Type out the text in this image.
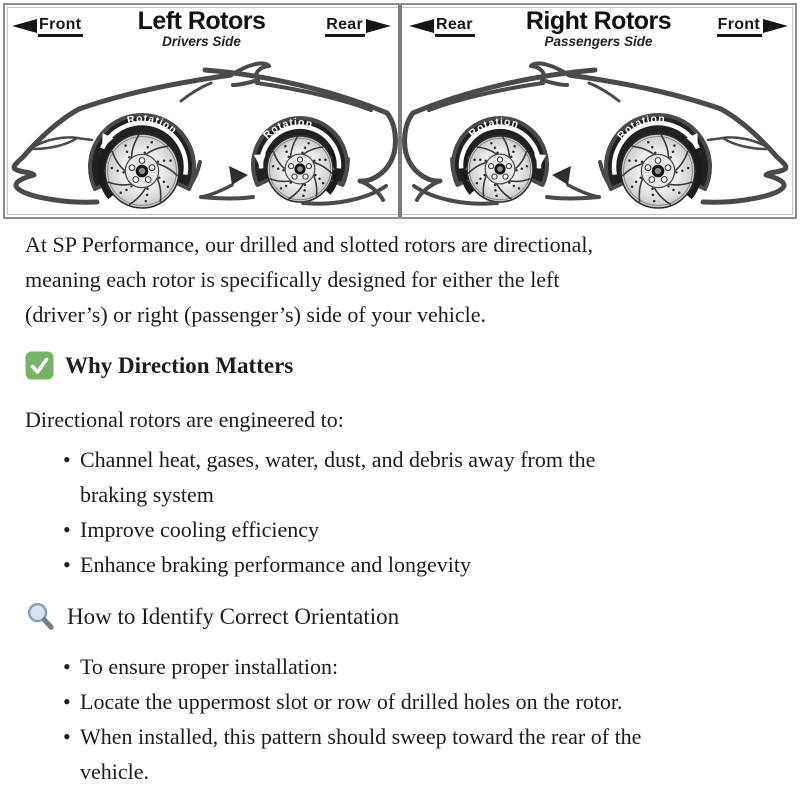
Front Left Rotors
Drivers Side
Rear
Rotation	Rotation
Rear Right Rotors
Passengers Side
Front
Rotation
Rotation

At SP Performance, our drilled and slotted rotors are directional,
meaning each rotor is specifically designed for either the left
(driver’s) or right (passenger’s) side of your vehicle.

Why Direction Matters

Directional rotors are engineered to:

• Channel heat, gases, water, dust, and debris away from the
braking system
• Improve cooling efficiency
• Enhance braking performance and longevity
How to Identify Correct Orientation
• To ensure proper installation:
• Locate the uppermost slot or row of drilled holes on the rotor.
• When installed, this pattern should sweep toward the rear of the
vehicle.
